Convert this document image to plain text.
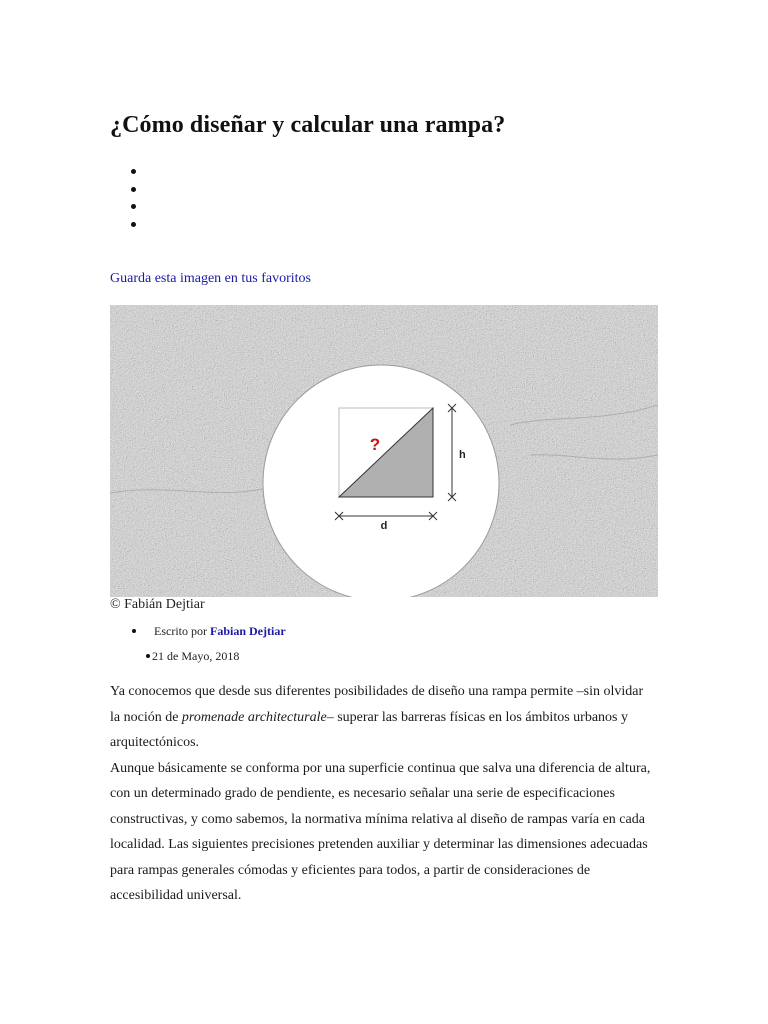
¿Cómo diseñar y calcular una rampa?
Guarda esta imagen en tus favoritos
?
h
d
© Fabián Dejtiar
Escrito por Fabian Dejtiar
21 de Mayo, 2018

Ya conocemos que desde sus diferentes posibilidades de diseño una rampa permite –sin olvidar la noción de promenade architecturale– superar las barreras físicas en los ámbitos urbanos y arquitectónicos.

Aunque básicamente se conforma por una superficie continua que salva una diferencia de altura, con un determinado grado de pendiente, es necesario señalar una serie de especificaciones constructivas, y como sabemos, la normativa mínima relativa al diseño de rampas varía en cada localidad. Las siguientes precisiones pretenden auxiliar y determinar las dimensiones adecuadas para rampas generales cómodas y eficientes para todos, a partir de consideraciones de accesibilidad universal.
